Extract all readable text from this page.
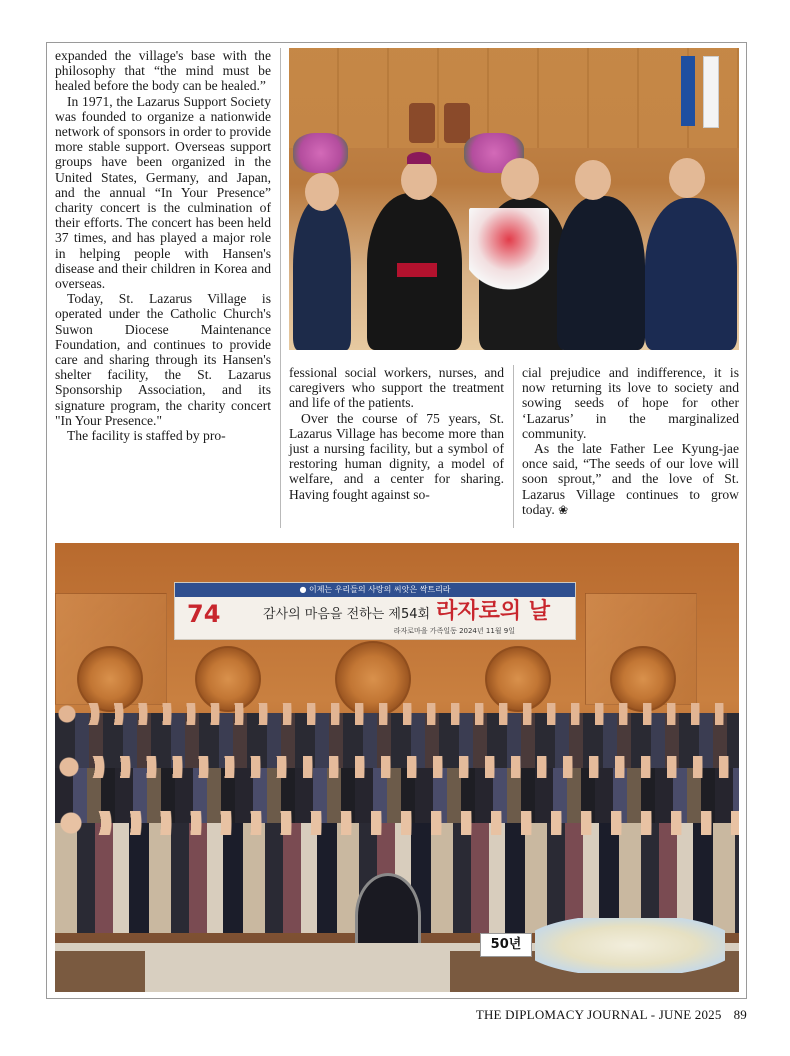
expanded the village's base with the philosophy that “the mind must be healed before the body can be healed.”

In 1971, the Lazarus Support Society was founded to organize a nationwide network of sponsors in order to provide more stable support. Overseas support groups have been organized in the United States, Germany, and Japan, and the annual “In Your Presence” charity concert is the culmination of their efforts. The concert has been held 37 times, and has played a major role in helping people with Hansen's disease and their children in Korea and overseas.

Today, St. Lazarus Village is operated under the Catholic Church's Suwon Diocese Maintenance Foundation, and continues to provide care and sharing through its Hansen's shelter facility, the St. Lazarus Sponsorship Association, and its signature program, the charity concert "In Your Presence."

The facility is staffed by pro-

fessional social workers, nurses, and caregivers who support the treatment and life of the patients.

Over the course of 75 years, St. Lazarus Village has become more than just a nursing facility, but a symbol of restoring human dignity, a model of welfare, and a center for sharing. Having fought against so-

cial prejudice and indifference, it is now returning its love to society and sowing seeds of hope for other ‘Lazarus’ in the marginalized community.

As the late Father Lee Kyung-jae once said, “The seeds of our love will soon sprout,” and the love of St. Lazarus Village continues to grow today. ❀

● 이제는 우리들의 사랑의 씨앗은 싹트리라
74	감사의 마음을 전하는 제54회 라자로의 날
라자로마을 가족일동 2024년 11월 9일
50년
THE DIPLOMACY JOURNAL - JUNE 2025 89
